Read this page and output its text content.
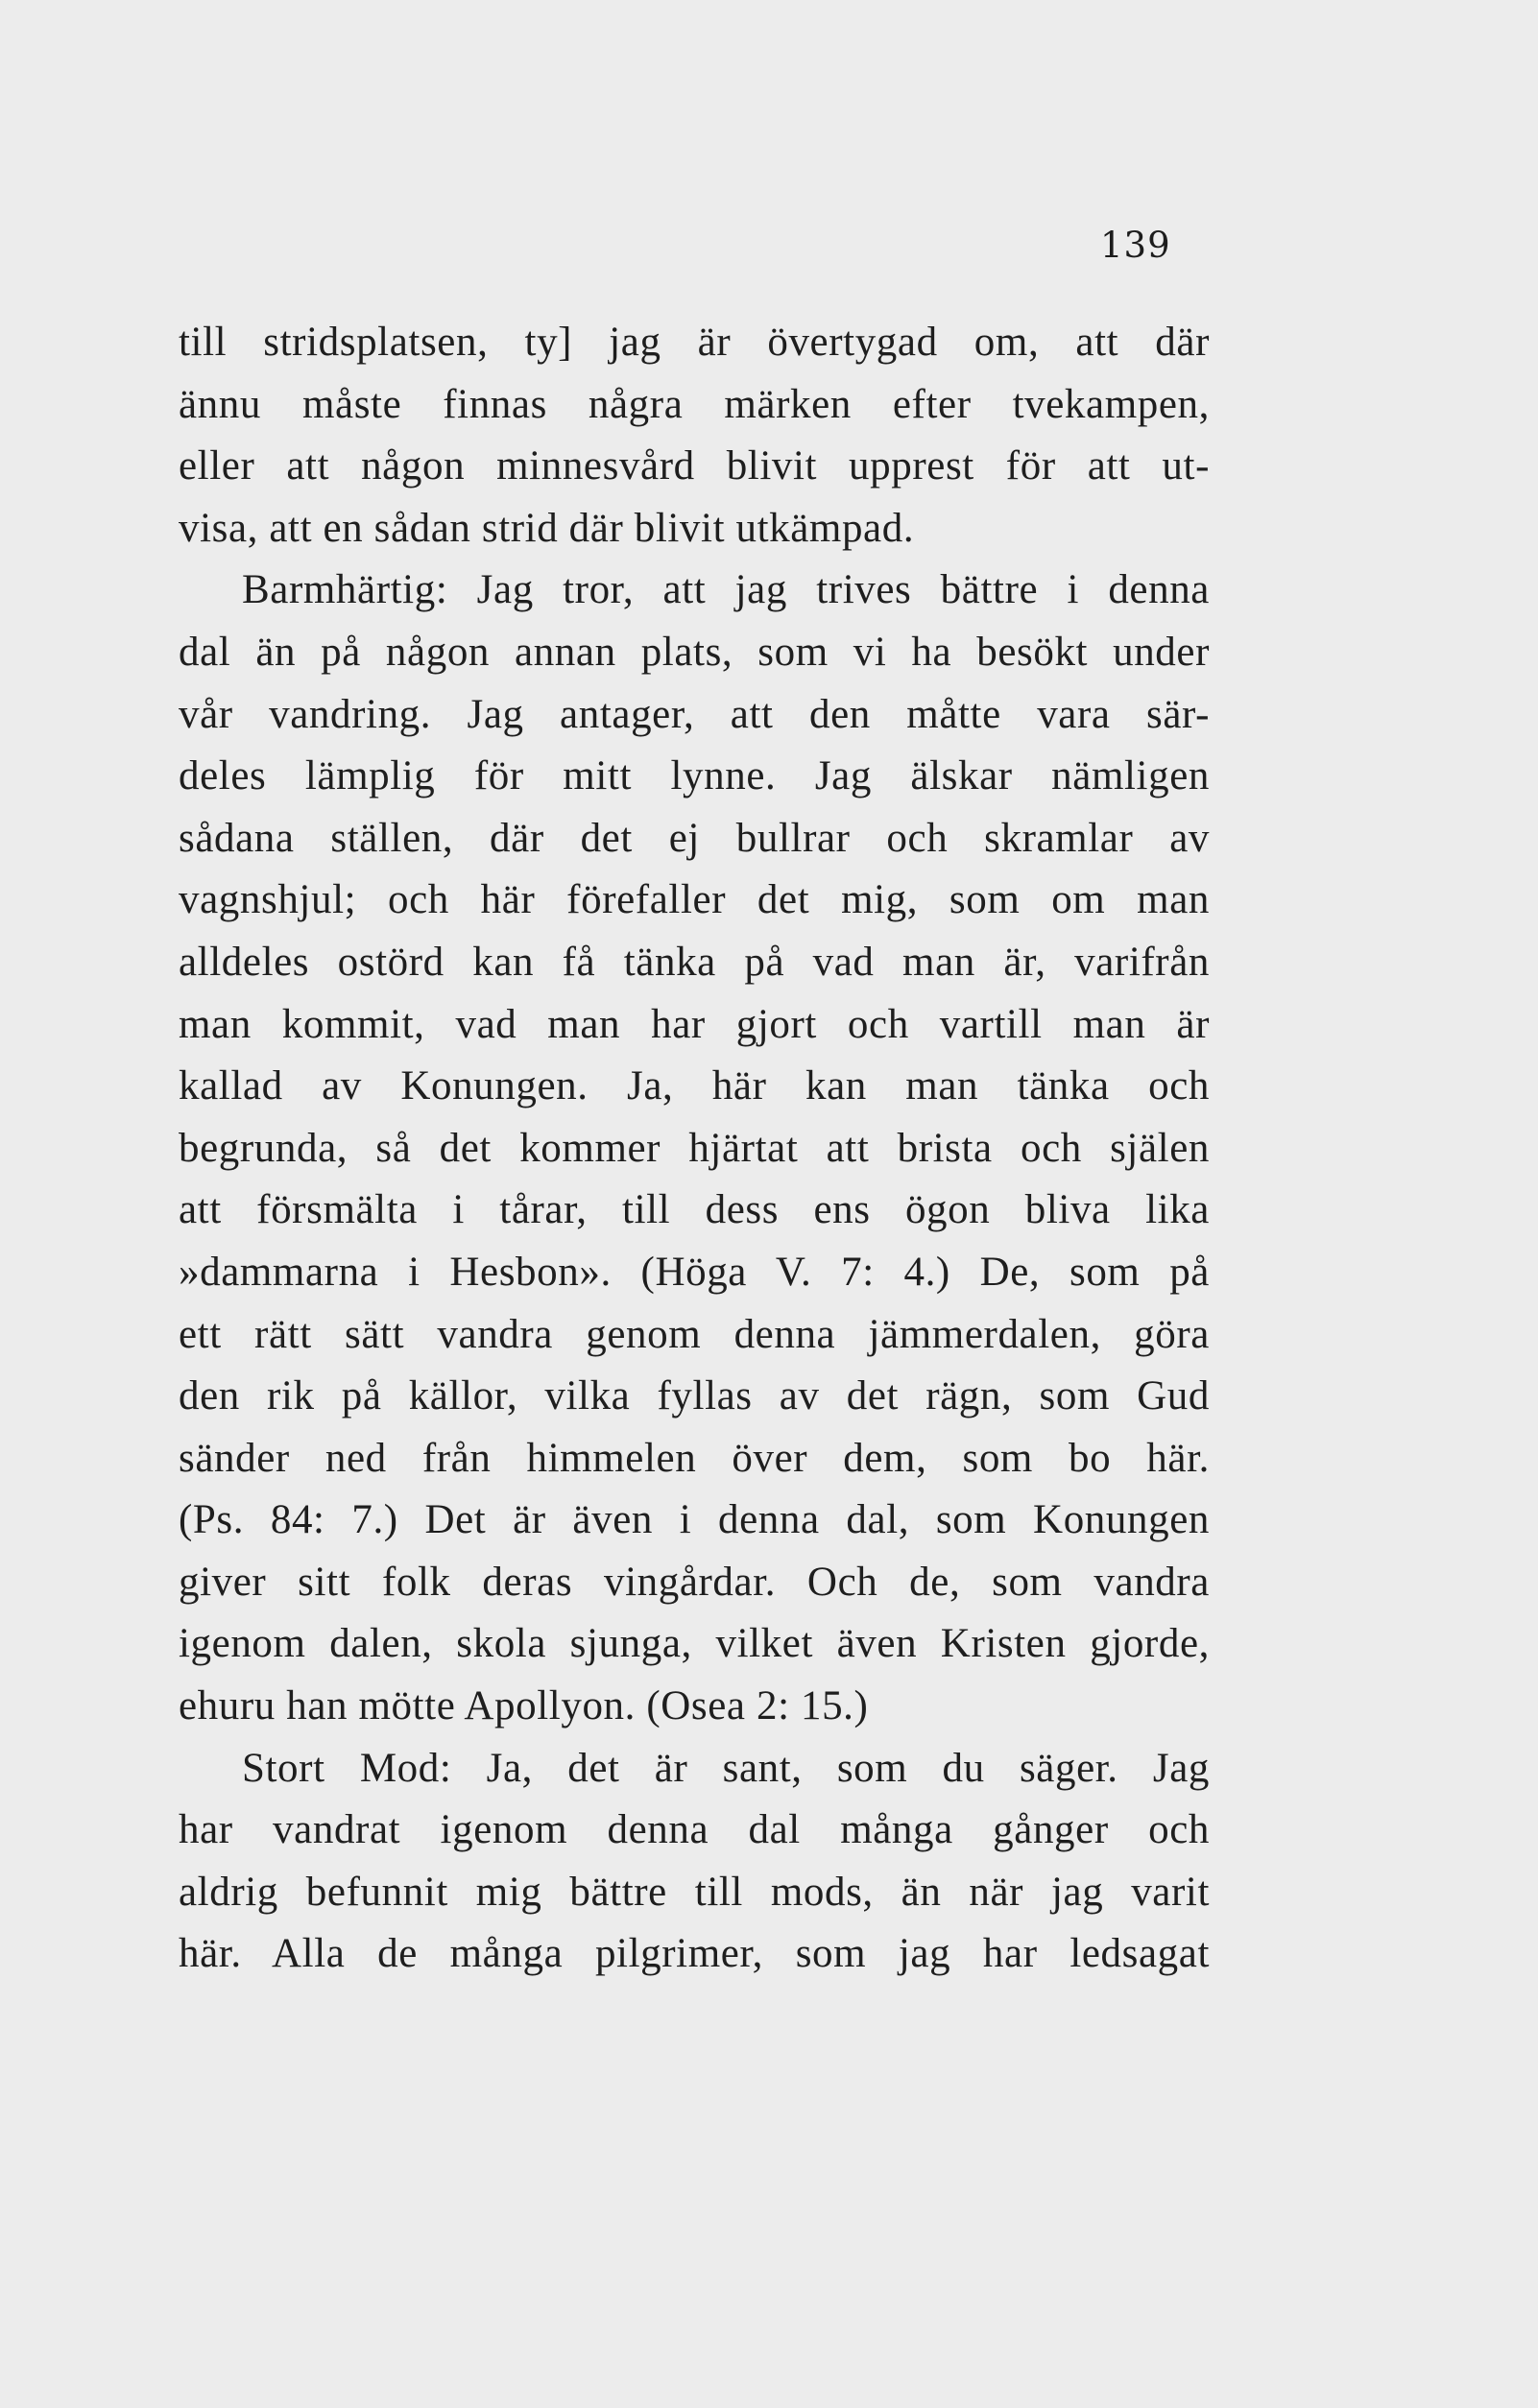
139
till stridsplatsen, ty] jag är övertygad om, att där
ännu måste finnas några märken efter tvekampen,
eller att någon minnesvård blivit upprest för att ut-
visa, att en sådan strid där blivit utkämpad.
Barmhärtig: Jag tror, att jag trives bättre i denna
dal än på någon annan plats, som vi ha besökt under
vår vandring. Jag antager, att den måtte vara sär-
deles lämplig för mitt lynne. Jag älskar nämligen
sådana ställen, där det ej bullrar och skramlar av
vagnshjul; och här förefaller det mig, som om man
alldeles ostörd kan få tänka på vad man är, varifrån
man kommit, vad man har gjort och vartill man är
kallad av Konungen. Ja, här kan man tänka och
begrunda, så det kommer hjärtat att brista och själen
att försmälta i tårar, till dess ens ögon bliva lika
»dammarna i Hesbon». (Höga V. 7: 4.) De, som på
ett rätt sätt vandra genom denna jämmerdalen, göra
den rik på källor, vilka fyllas av det rägn, som Gud
sänder ned från himmelen över dem, som bo här.
(Ps. 84: 7.) Det är även i denna dal, som Konungen
giver sitt folk deras vingårdar. Och de, som vandra
igenom dalen, skola sjunga, vilket även Kristen gjorde,
ehuru han mötte Apollyon. (Osea 2: 15.)
Stort Mod: Ja, det är sant, som du säger. Jag
har vandrat igenom denna dal många gånger och
aldrig befunnit mig bättre till mods, än när jag varit
här. Alla de många pilgrimer, som jag har ledsagat
